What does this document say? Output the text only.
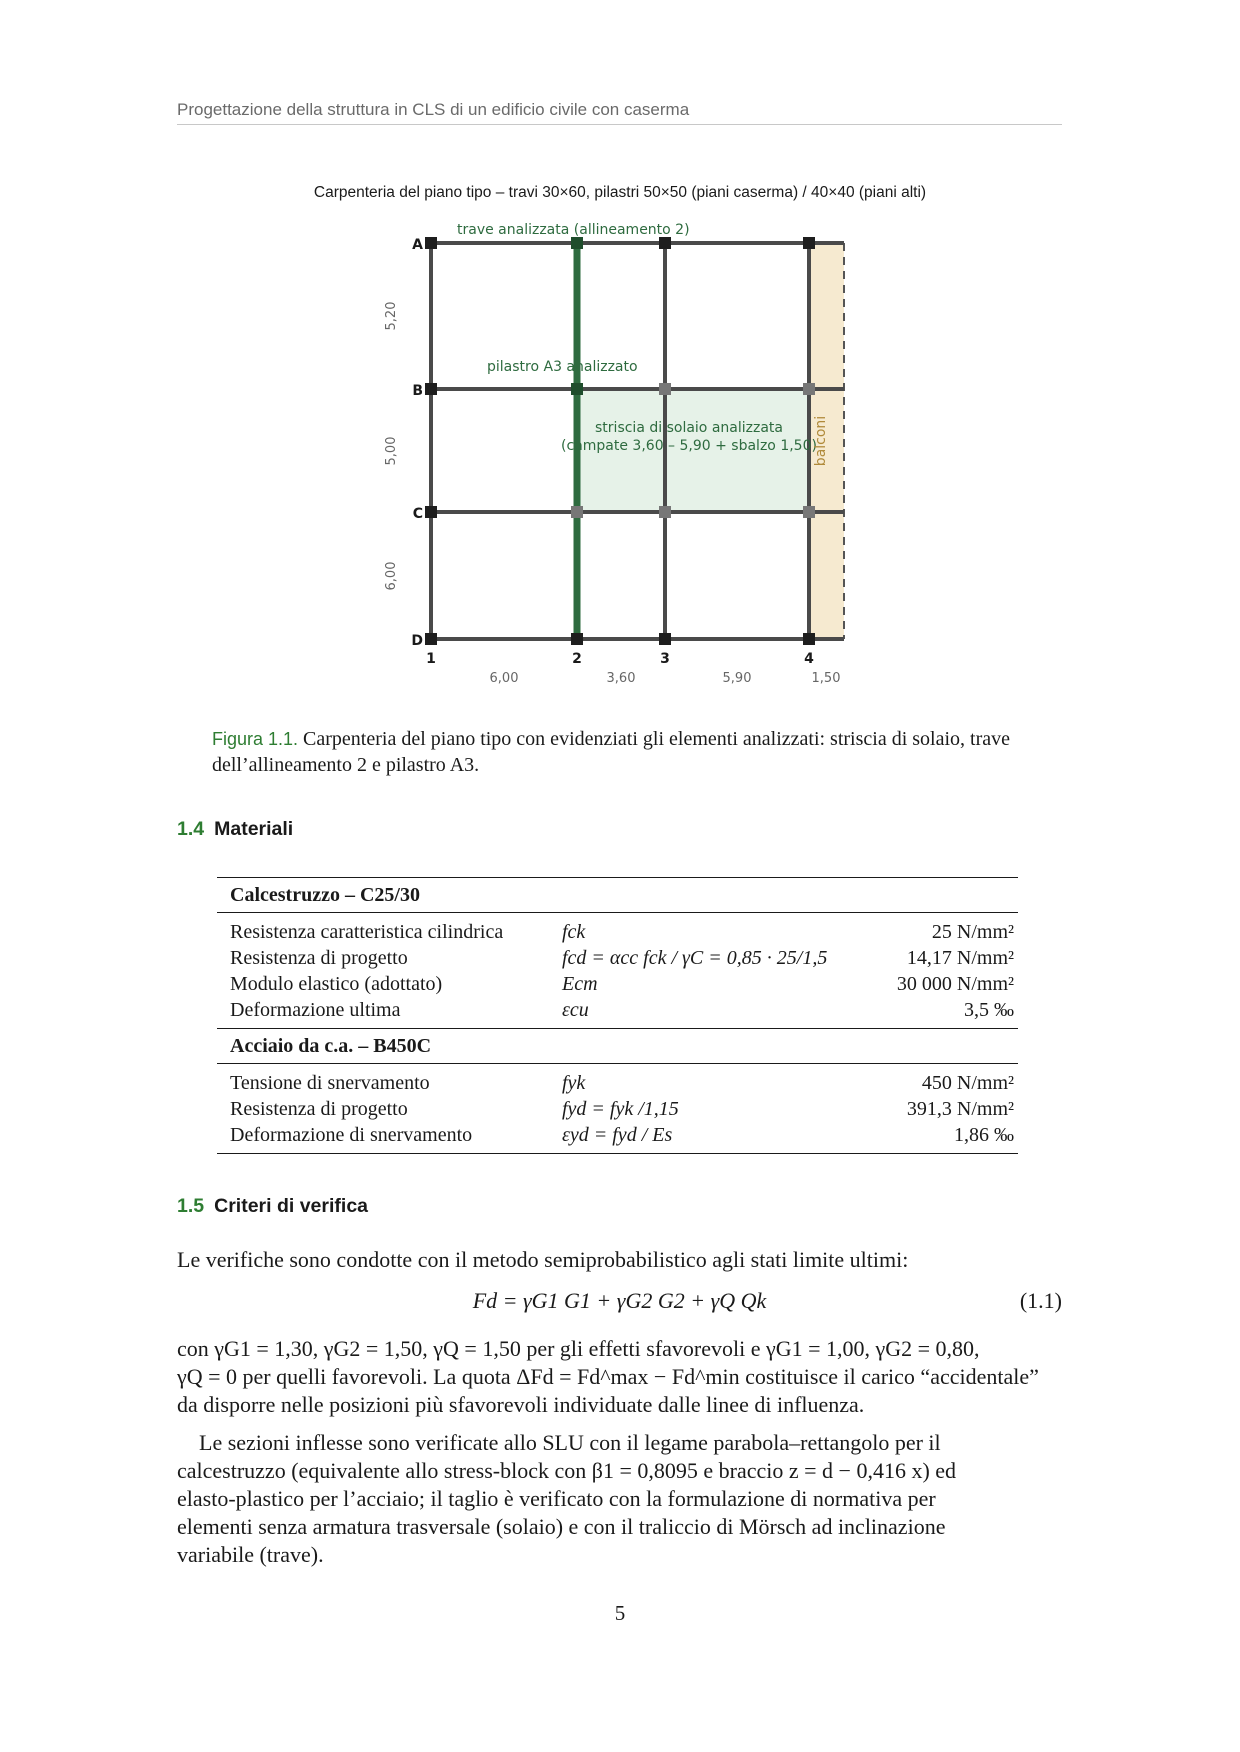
Progettazione della struttura in CLS di un edificio civile con caserma
Carpenteria del piano tipo – travi 30×60, pilastri 50×50 (piani caserma) / 40×40 (piani alti)
trave analizzata (allineamento 2)
pilastro A3 analizzato
striscia di solaio analizzata
(campate 3,60 – 5,90 + sbalzo 1,50)
balconi
A
B
C
D
1	2	3	4
6,00	3,60	5,90	1,50
5,20
5,00
6,00
Figura 1.1. Carpenteria del piano tipo con evidenziati gli elementi analizzati: striscia di solaio, trave dell’allineamento 2 e pilastro A3.
1.4 Materiali
Calcestruzzo – C25/30
Resistenza caratteristica cilindrica	fck	25 N/mm²
Resistenza di progetto	fcd = αcc fck / γC = 0,85 · 25/1,5	14,17 N/mm²
Modulo elastico (adottato)	Ecm	30 000 N/mm²
Deformazione ultima	εcu	3,5 ‰
Acciaio da c.a. – B450C
Tensione di snervamento	fyk	450 N/mm²
Resistenza di progetto	fyd = fyk /1,15	391,3 N/mm²
Deformazione di snervamento	εyd = fyd / Es	1,86 ‰
1.5 Criteri di verifica
Le verifiche sono condotte con il metodo semiprobabilistico agli stati limite ultimi:
Fd = γG1 G1 + γG2 G2 + γQ Qk	(1.1)
con γG1 = 1,30, γG2 = 1,50, γQ = 1,50 per gli effetti sfavorevoli e γG1 = 1,00, γG2 = 0,80,
γQ = 0 per quelli favorevoli. La quota ΔFd = Fd^max − Fd^min costituisce il carico “accidentale”
da disporre nelle posizioni più sfavorevoli individuate dalle linee di influenza.
Le sezioni inflesse sono verificate allo SLU con il legame parabola–rettangolo per il
calcestruzzo (equivalente allo stress-block con β1 = 0,8095 e braccio z = d − 0,416 x) ed
elasto-plastico per l’acciaio; il taglio è verificato con la formulazione di normativa per
elementi senza armatura trasversale (solaio) e con il traliccio di Mörsch ad inclinazione
variabile (trave).
5
